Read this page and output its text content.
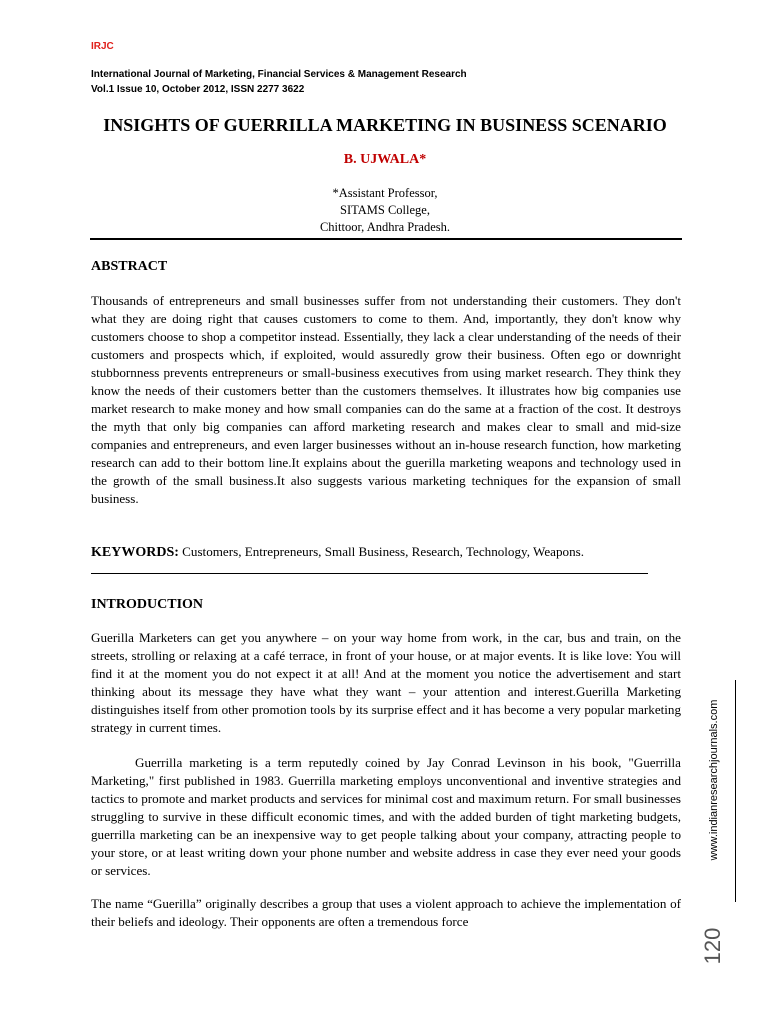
IRJC
International Journal of Marketing, Financial Services & Management Research
Vol.1 Issue 10, October 2012, ISSN 2277 3622
INSIGHTS OF GUERRILLA MARKETING IN BUSINESS SCENARIO
B. UJWALA*
*Assistant Professor,
SITAMS College,
Chittoor, Andhra Pradesh.
ABSTRACT

Thousands of entrepreneurs and small businesses suffer from not understanding their customers. They don't what they are doing right that causes customers to come to them. And, importantly, they don't know why customers choose to shop a competitor instead. Essentially, they lack a clear understanding of the needs of their customers and prospects which, if exploited, would assuredly grow their business. Often ego or downright stubbornness prevents entrepreneurs or small-business executives from using market research. They think they know the needs of their customers better than the customers themselves. It illustrates how big companies use market research to make money and how small companies can do the same at a fraction of the cost. It destroys the myth that only big companies can afford marketing research and makes clear to small and mid-size companies and entrepreneurs, and even larger businesses without an in-house research function, how marketing research can add to their bottom line.It explains about the guerilla marketing weapons and technology used in the growth of the small business.It also suggests various marketing techniques for the expansion of small business.

KEYWORDS: Customers, Entrepreneurs, Small Business, Research, Technology, Weapons.
INTRODUCTION

Guerilla Marketers can get you anywhere – on your way home from work, in the car, bus and train, on the streets, strolling or relaxing at a café terrace, in front of your house, or at major events. It is like love: You will find it at the moment you do not expect it at all! And at the moment you notice the advertisement and start thinking about its message they have what they want – your attention and interest.Guerilla Marketing distinguishes itself from other promotion tools by its surprise effect and it has become a very popular marketing strategy in current times.

Guerrilla marketing is a term reputedly coined by Jay Conrad Levinson in his book, "Guerrilla Marketing," first published in 1983. Guerrilla marketing employs unconventional and inventive strategies and tactics to promote and market products and services for minimal cost and maximum return. For small businesses struggling to survive in these difficult economic times, and with the added burden of tight marketing budgets, guerrilla marketing can be an inexpensive way to get people talking about your company, attracting people to your store, or at least writing down your phone number and website address in case they ever need your goods or services.

The name “Guerilla” originally describes a group that uses a violent approach to achieve the implementation of their beliefs and ideology. Their opponents are often a tremendous force

www.indianresearchjournals.com
120
